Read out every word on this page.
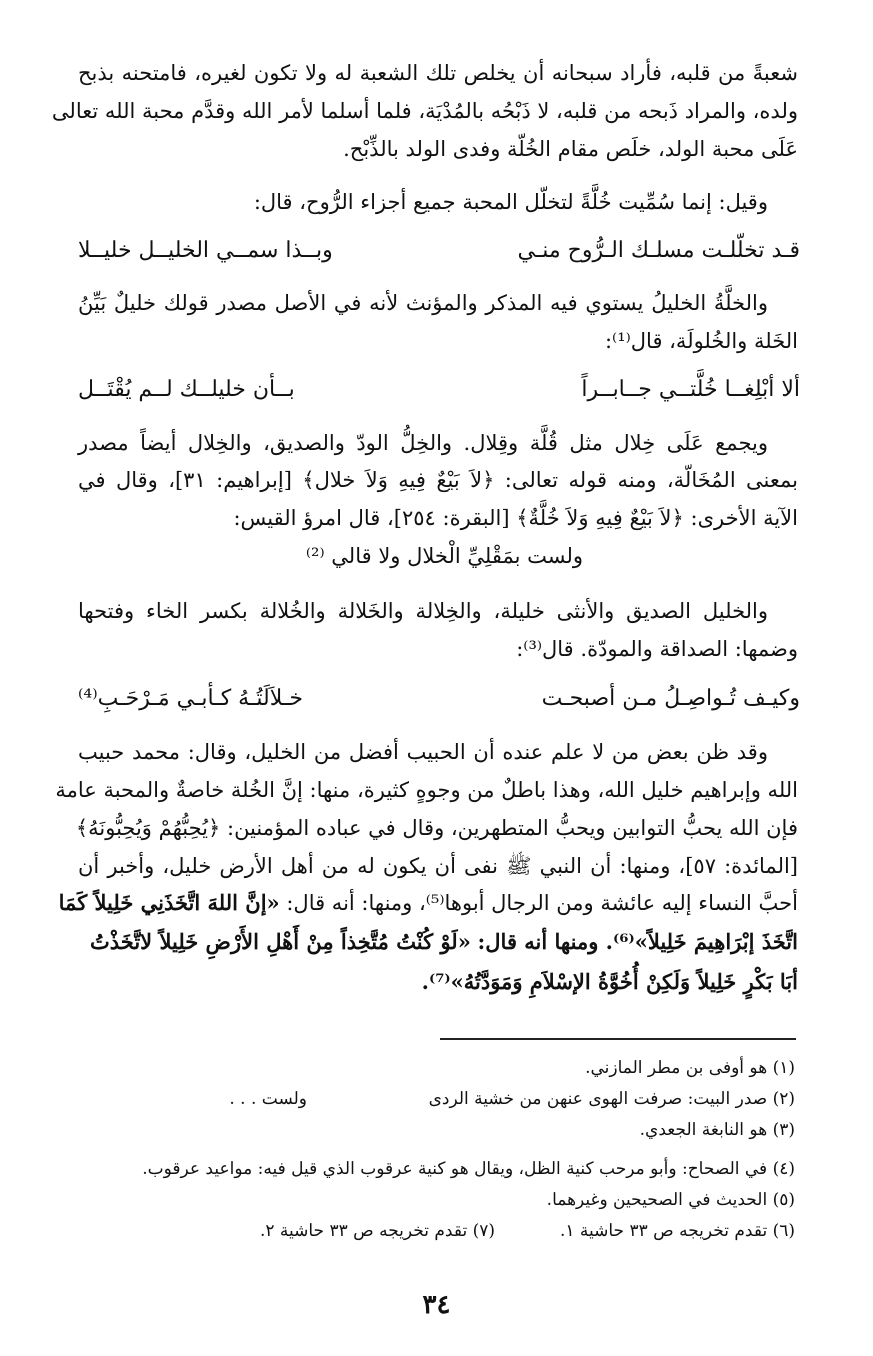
شعبةً من قلبه، فأراد سبحانه أن يخلص تلك الشعبة له ولا تكون لغيره، فامتحنه بذبح
ولده، والمراد ذَبحه من قلبه، لا ذَبْحُه بالمُدْيَة، فلما أسلما لأمر الله وقدَّم محبة الله تعالى
عَلَى محبة الولد، خلَص مقام الخُلّة وفدى الولد بالذِّبْح.
وقيل: إنما سُمِّيت خُلَّةً لتخلّل المحبة جميع أجزاء الرُّوح، قال:
قـد تخلّلـت مسلـك الـرُّوح منـي
وبــذا سمــي الخليــل خليــلا
والخلَّةُ الخليلُ يستوي فيه المذكر والمؤنث لأنه في الأصل مصدر قولك خليلٌ بَيِّنُ
الخَلة والخُلولَة، قال⁽¹⁾:
ألا أبْلِغــا خُلَّتــي جــابــراً
بــأن خليلــك لــم يُقْتَــل
ويجمع عَلَى خِلال مثل قُلَّة وقِلال. والخِلُّ الودّ والصديق، والخِلال أيضاً مصدر
بمعنى المُخَالّة، ومنه قوله تعالى: ﴿لاَ بَيْعٌ فِيهِ وَلاَ خلال﴾ [إبراهيم: ٣١]، وقال في
الآية الأخرى: ﴿لاَ بَيْعٌ فِيهِ وَلاَ خُلَّةٌ﴾ [البقرة: ٢٥٤]، قال امرؤ القيس:
ولست بمَقْلِيِّ الْخلال ولا قالي ⁽²⁾
والخليل الصديق والأنثى خليلة، والخِلالة والخَلالة والخُلالة بكسر الخاء وفتحها
وضمها: الصداقة والمودّة. قال⁽³⁾:
وكيـف تُـواصِـلُ مـن أصبحـت
خـلاَلَتُـهُ كـأبـي مَـرْحَـبِ⁽⁴⁾
وقد ظن بعض من لا علم عنده أن الحبيب أفضل من الخليل، وقال: محمد حبيب
الله وإبراهيم خليل الله، وهذا باطلٌ من وجوهٍ كثيرة، منها: إنَّ الخُلة خاصةٌ والمحبة عامة
فإن الله يحبُّ التوابين ويحبُّ المتطهرين، وقال في عباده المؤمنين: ﴿يُحِبُّهُمْ وَيُحِبُّونَهُ﴾
[المائدة: ٥٧]، ومنها: أن النبي ﷺ نفى أن يكون له من أهل الأرض خليل، وأخبر أن
أحبَّ النساء إليه عائشة ومن الرجال أبوها⁽⁵⁾، ومنها: أنه قال: «إنَّ اللهَ اتَّخَذَنِي خَلِيلاً كَمَا
اتَّخَذَ إبْرَاهِيمَ خَلِيلاً»⁽⁶⁾. ومنها أنه قال: «لَوْ كُنْتُ مُتَّخِذاً مِنْ أَهْلِ الأَرْضِ خَلِيلاً لاتَّخَذْتُ
أبَا بَكْرٍ خَلِيلاً وَلَكِنْ أُخُوَّةُ الإسْلاَمِ وَمَوَدَّتُهُ»⁽⁷⁾.
(١) هو أوفى بن مطر المازني.
(٢) صدر البيت: صرفت الهوى عنهن من خشية الردى
ولست . . .
(٣) هو النابغة الجعدي.
(٤) في الصحاح: وأبو مرحب كنية الظل، ويقال هو كنية عرقوب الذي قيل فيه: مواعيد عرقوب.
(٥) الحديث في الصحيحين وغيرهما.
(٦) تقدم تخريجه ص ٣٣ حاشية ١.
(٧) تقدم تخريجه ص ٣٣ حاشية ٢.
٣٤
